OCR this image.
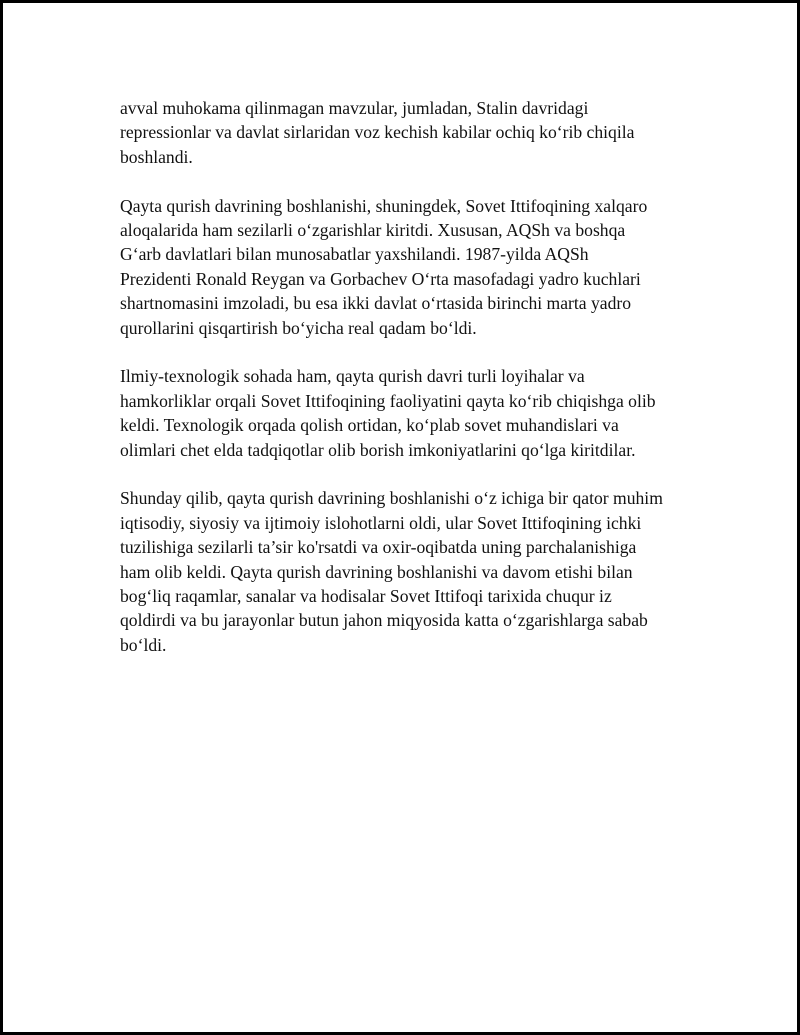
avval muhokama qilinmagan mavzular, jumladan, Stalin davridagi
repressionlar va davlat sirlaridan voz kechish kabilar ochiq ko‘rib chiqila
boshlandi.

Qayta qurish davrining boshlanishi, shuningdek, Sovet Ittifoqining xalqaro
aloqalarida ham sezilarli o‘zgarishlar kiritdi. Xususan, AQSh va boshqa
G‘arb davlatlari bilan munosabatlar yaxshilandi. 1987-yilda AQSh
Prezidenti Ronald Reygan va Gorbachev O‘rta masofadagi yadro kuchlari
shartnomasini imzoladi, bu esa ikki davlat o‘rtasida birinchi marta yadro
qurollarini qisqartirish bo‘yicha real qadam bo‘ldi.

Ilmiy-texnologik sohada ham, qayta qurish davri turli loyihalar va
hamkorliklar orqali Sovet Ittifoqining faoliyatini qayta ko‘rib chiqishga olib
keldi. Texnologik orqada qolish ortidan, ko‘plab sovet muhandislari va
olimlari chet elda tadqiqotlar olib borish imkoniyatlarini qo‘lga kiritdilar.

Shunday qilib, qayta qurish davrining boshlanishi o‘z ichiga bir qator muhim
iqtisodiy, siyosiy va ijtimoiy islohotlarni oldi, ular Sovet Ittifoqining ichki
tuzilishiga sezilarli ta’sir ko'rsatdi va oxir-oqibatda uning parchalanishiga
ham olib keldi. Qayta qurish davrining boshlanishi va davom etishi bilan
bog‘liq raqamlar, sanalar va hodisalar Sovet Ittifoqi tarixida chuqur iz
qoldirdi va bu jarayonlar butun jahon miqyosida katta o‘zgarishlarga sabab
bo‘ldi.
